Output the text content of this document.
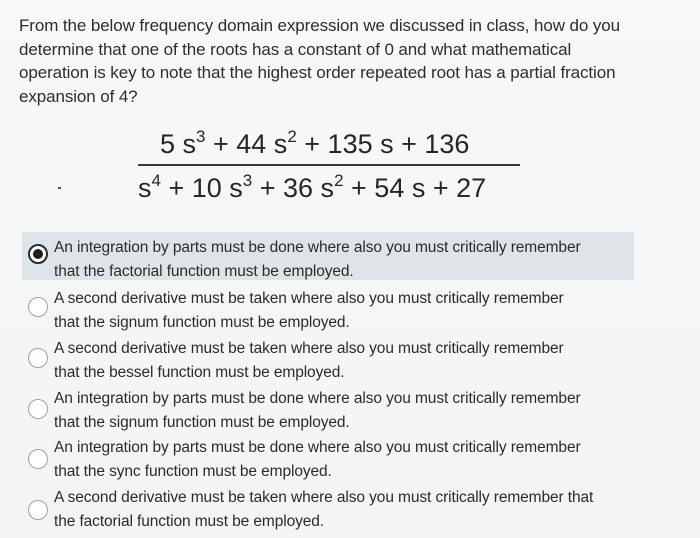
From the below frequency domain expression we discussed in class, how do you
determine that one of the roots has a constant of 0 and what mathematical
operation is key to note that the highest order repeated root has a partial fraction
expansion of 4?
5 $s^3 + 44$ $s^2 + 135$ s + 136
$s^4 + 10$ $s^3 + 36$ $s^2 + 54$ s + 27
An integration by parts must be done where also you must critically remember
that the factorial function must be employed.
A second derivative must be taken where also you must critically remember
that the signum function must be employed.
A second derivative must be taken where also you must critically remember
that the bessel function must be employed.
An integration by parts must be done where also you must critically remember
that the signum function must be employed.
An integration by parts must be done where also you must critically remember
that the sync function must be employed.
A second derivative must be taken where also you must critically remember that
the factorial function must be employed.
